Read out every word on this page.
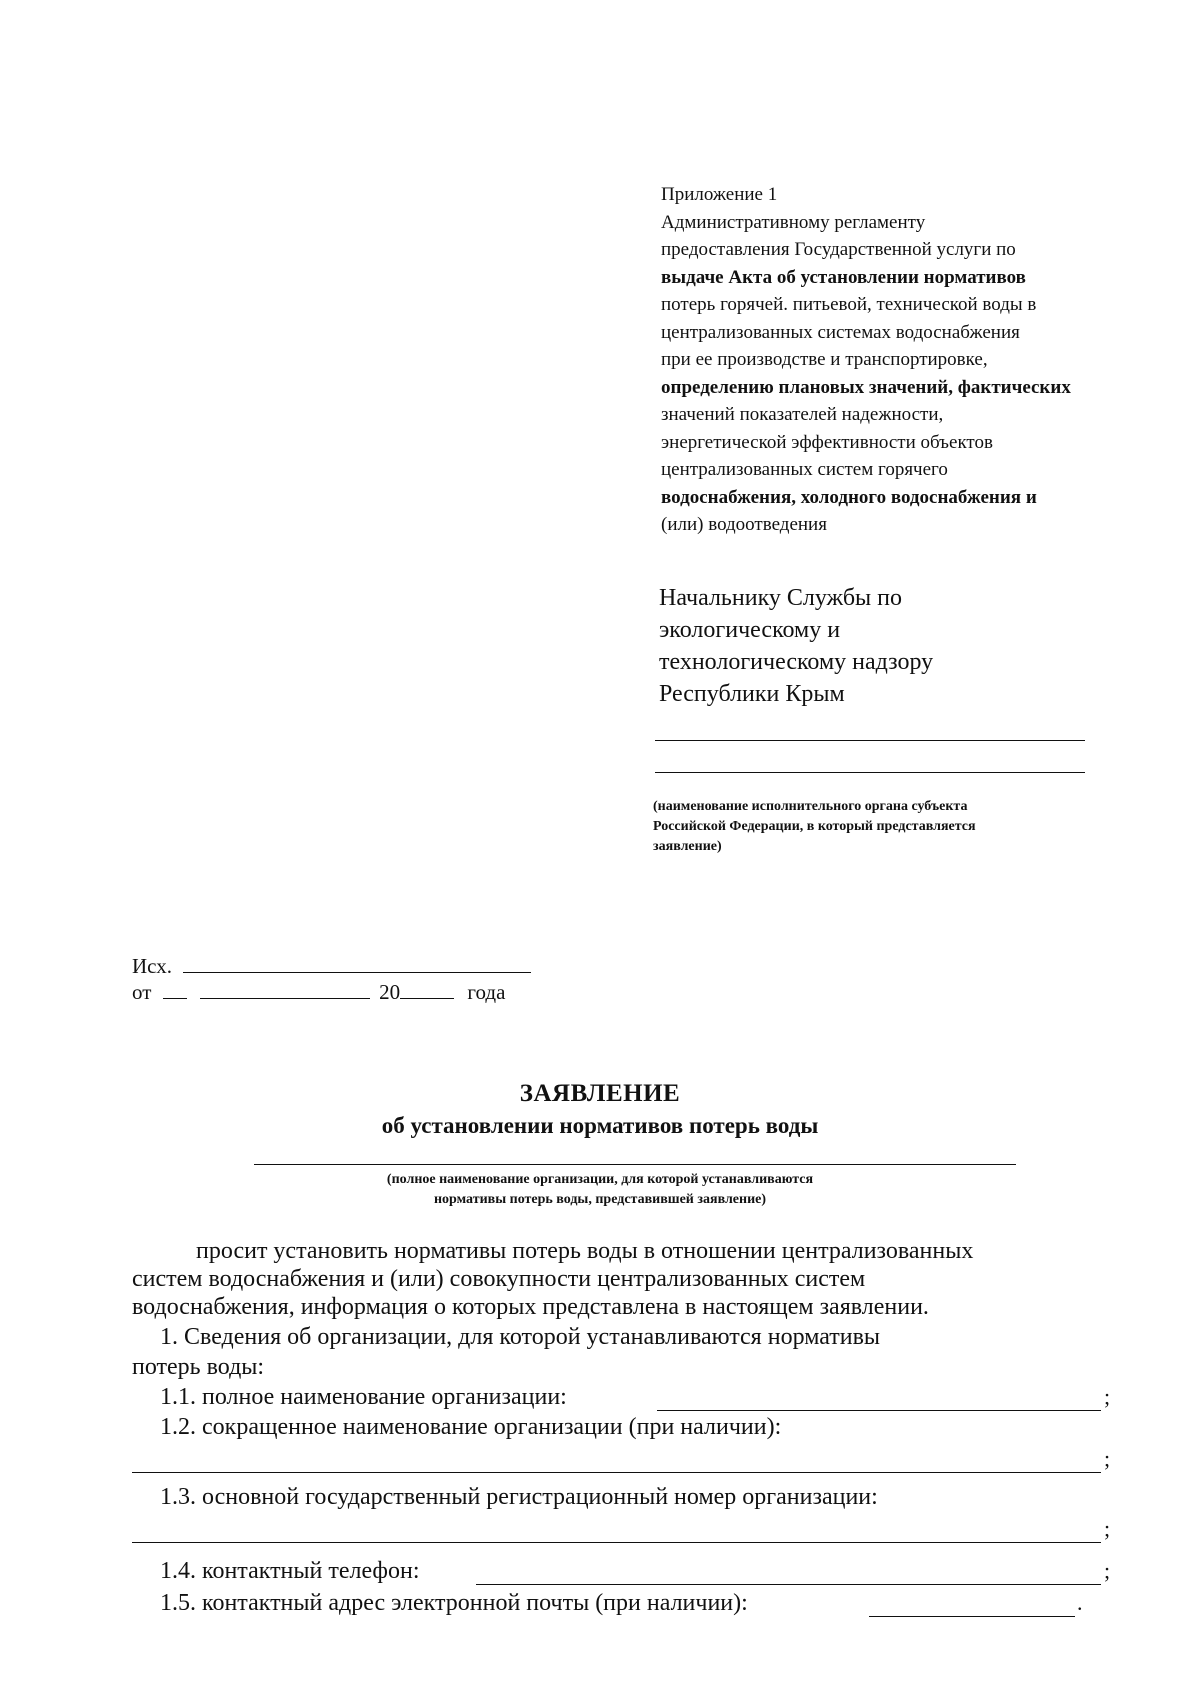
Приложение 1
Административному регламенту
предоставления Государственной услуги по
выдаче Акта об установлении нормативов
потерь горячей. питьевой, технической воды в
централизованных системах водоснабжения
при ее производстве и транспортировке,
определению плановых значений, фактических
значений показателей надежности,
энергетической эффективности объектов
централизованных систем горячего
водоснабжения, холодного водоснабжения и
(или) водоотведения
Начальнику Службы по
экологическому и
технологическому надзору
Республики Крым
(наименование исполнительного органа субъекта
Российской Федерации, в который представляется
заявление)
Исх.
от	20	года
ЗАЯВЛЕНИЕ
об установлении нормативов потерь воды
(полное наименование организации, для которой устанавливаются
нормативы потерь воды, представившей заявление)
просит установить нормативы потерь воды в отношении централизованных
систем водоснабжения и (или) совокупности централизованных систем
водоснабжения, информация о которых представлена в настоящем заявлении.
1. Сведения об организации, для которой устанавливаются нормативы
потерь воды:
1.1. полное наименование организации:	;
1.2. сокращенное наименование организации (при наличии):
;
1.3. основной государственный регистрационный номер организации:
;
1.4. контактный телефон:	;
1.5. контактный адрес электронной почты (при наличии):	.
